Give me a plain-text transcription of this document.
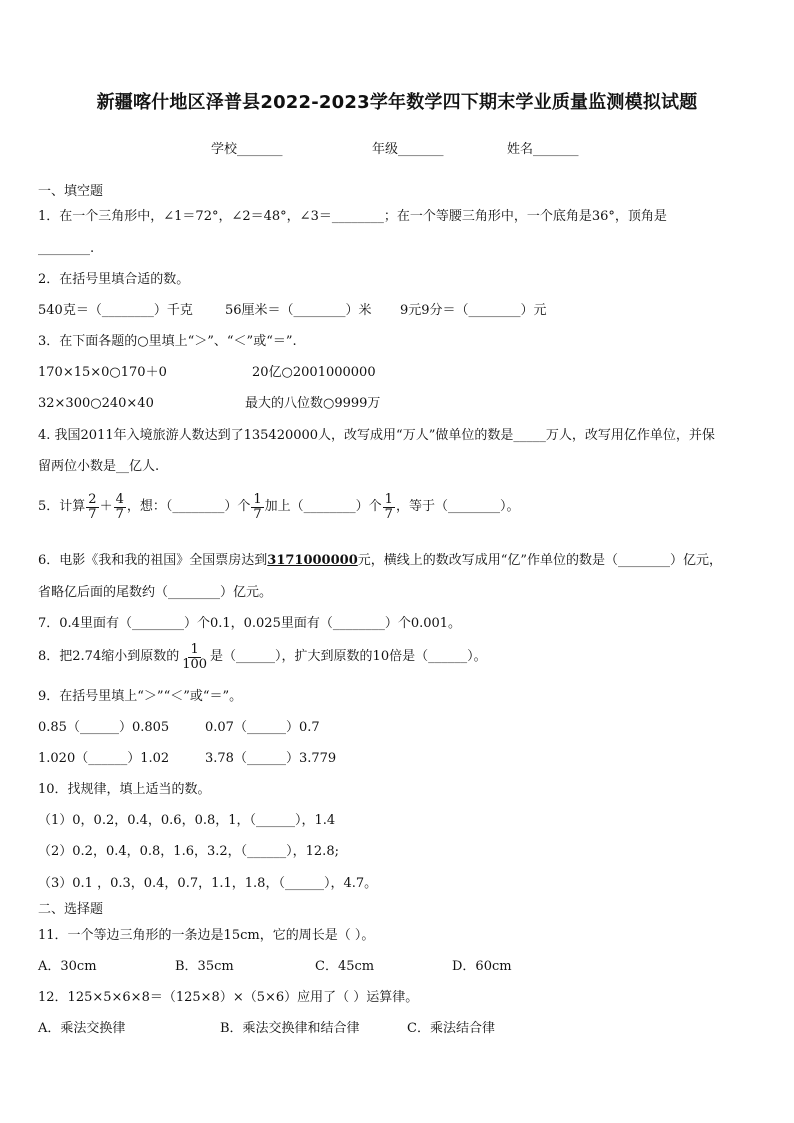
新疆喀什地区泽普县2022-2023学年数学四下期末学业质量监测模拟试题
学校_______	年级_______	姓名_______
一、填空题
1．在一个三角形中，∠1＝72°，∠2＝48°，∠3＝________；在一个等腰三角形中，一个底角是36°，顶角是
________.
2．在括号里填合适的数。
540克＝（________）千克 56厘米＝（________）米 9元9分＝（________）元
3．在下面各题的○里填上“＞”、“＜”或“＝”.
170×15×0○170＋0	20亿○2001000000
32×300○240×40	最大的八位数○9999万
4. 我国2011年入境旅游人数达到了135420000人，改写成用“万人”做单位的数是_____万人，改写用亿作单位，并保
留两位小数是__亿人.
5．计算 $\frac{2}{7} + \frac{4}{7}$ ，想：（________）个 $\frac{1}{7}$ 加上（________）个 $\frac{1}{7}$ ，等于（________）。
6．电影《我和我的祖国》全国票房达到3171000000元，横线上的数改写成用“亿”作单位的数是（________）亿元，
省略亿后面的尾数约（________）亿元。
7．0.4里面有（________）个0.1，0.025里面有（________）个0.001。
8．把2.74缩小到原数的 $\frac{1}{100}$ 是（______），扩大到原数的10倍是（______）。
9．在括号里填上“＞”“＜”或“＝”。
0.85（______）0.805	0.07（______）0.7
1.020（______）1.02	3.78（______）3.779
10．找规律，填上适当的数。
（1）0，0.2，0.4，0.6，0.8，1，（______），1.4
（2）0.2，0.4，0.8，1.6，3.2，（______），12.8;
（3）0.1 ，0.3，0.4，0.7，1.1，1.8，（______），4.7。
二、选择题
11．一个等边三角形的一条边是15cm，它的周长是（ ）。
A．30cm	B．35cm	C．45cm	D．60cm
12．125×5×6×8＝（125×8）×（5×6）应用了（ ）运算律。
A．乘法交换律	B．乘法交换律和结合律	C．乘法结合律
